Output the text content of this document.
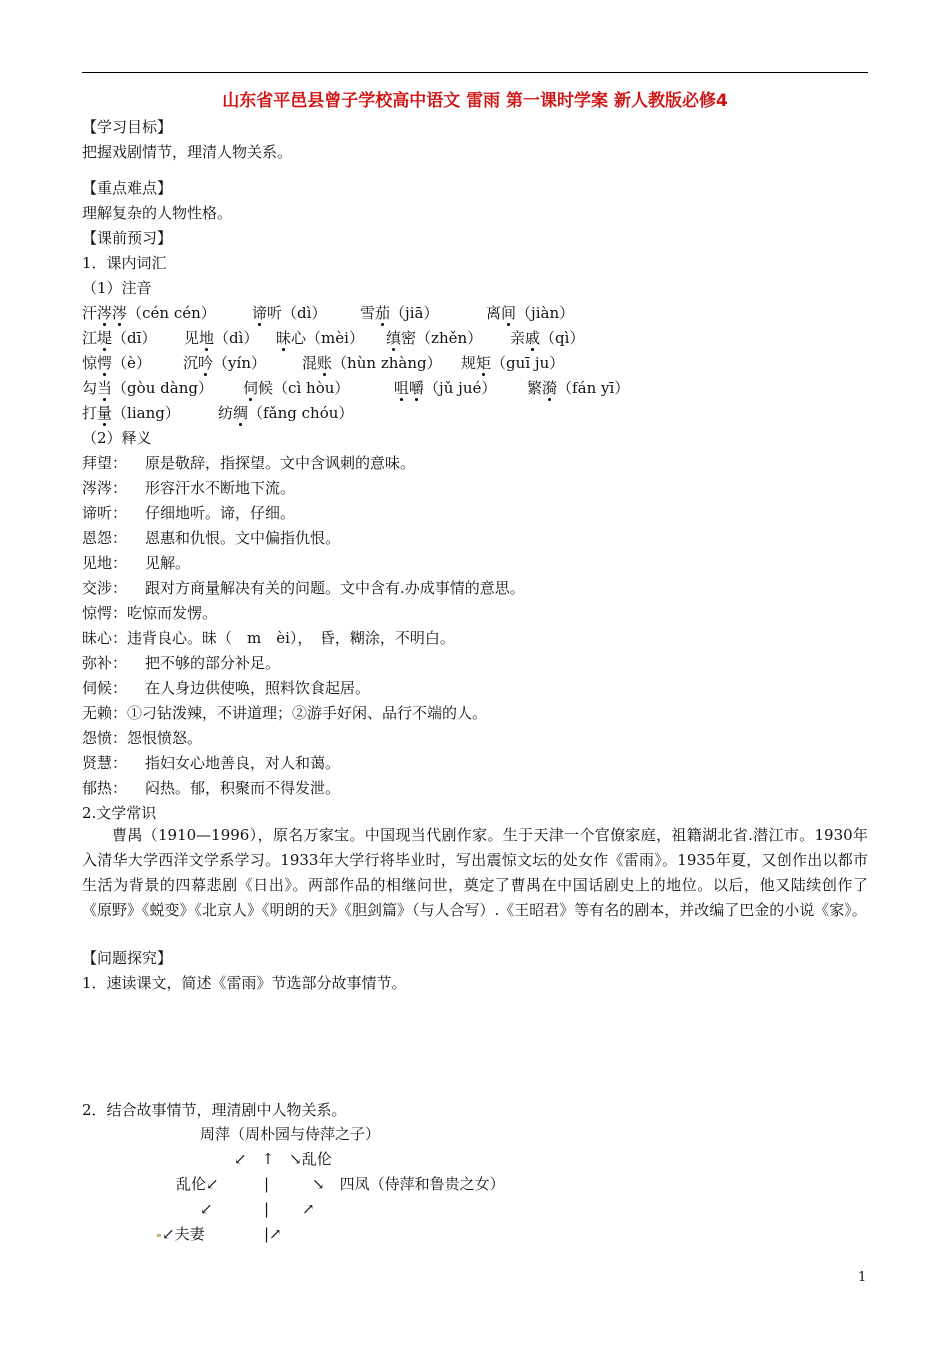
山东省平邑县曾子学校高中语文 雷雨 第一课时学案 新人教版必修4
【学习目标】
把握戏剧情节，理清人物关系。
【重点难点】
理解复杂的人物性格。
【课前预习】
1．课内词汇
（1）注音
汗涔涔（cén cén） 谛听（dì） 雪茄（jiā）	离间（jiàn）
江堤（dī） 见地（dì） 昧心（mèi） 缜密（zhěn） 亲戚（qì）
惊愕（è） 沉吟（yín） 混账（hùn zhàng） 规矩（guī ju）
勾当（gòu dàng） 伺候（cì hòu）	咀嚼（jǔ jué） 繁漪（fán yī）
打量（liang）	纺绸（fǎng chóu）
（2）释义
拜望： 原是敬辞，指探望。文中含讽刺的意味。
涔涔： 形容汗水不断地下流。
谛听： 仔细地听。谛，仔细。
恩怨： 恩惠和仇恨。文中偏指仇恨。
见地： 见解。
交涉： 跟对方商量解决有关的问题。文中含有.办成事情的意思。
惊愕：吃惊而发愣。
昧心：违背良心。昧（　m　èi），　昏，糊涂，不明白。
弥补： 把不够的部分补足。
伺候： 在人身边供使唤，照料饮食起居。
无赖：①刁钻泼辣，不讲道理；②游手好闲、品行不端的人。
怨愤：怨恨愤怒。
贤慧： 指妇女心地善良，对人和蔼。
郁热： 闷热。郁，积聚而不得发泄。
2.文学常识
曹禺（1910—1996），原名万家宝。中国现当代剧作家。生于天津一个官僚家庭，祖籍湖北省.潜江市。1930年入清华大学西洋文学系学习。1933年大学行将毕业时，写出震惊文坛的处女作《雷雨》。1935年夏，又创作出以都市生活为背景的四幕悲剧《日出》。两部作品的相继问世，奠定了曹禺在中国话剧史上的地位。以后，他又陆续创作了《原野》《蜕变》《北京人》《明朗的天》《胆剑篇》（与人合写）.《王昭君》等有名的剧本，并改编了巴金的小说《家》。
【问题探究】
1．速读课文，简述《雷雨》节选部分故事情节。
2．结合故事情节，理清剧中人物关系。
周萍（周朴园与侍萍之子）
↙　↑　↘乱伦
乱伦↙	|	↘　四凤（侍萍和鲁贵之女）
↙	| ↗
↙夫妻	|↗
1
